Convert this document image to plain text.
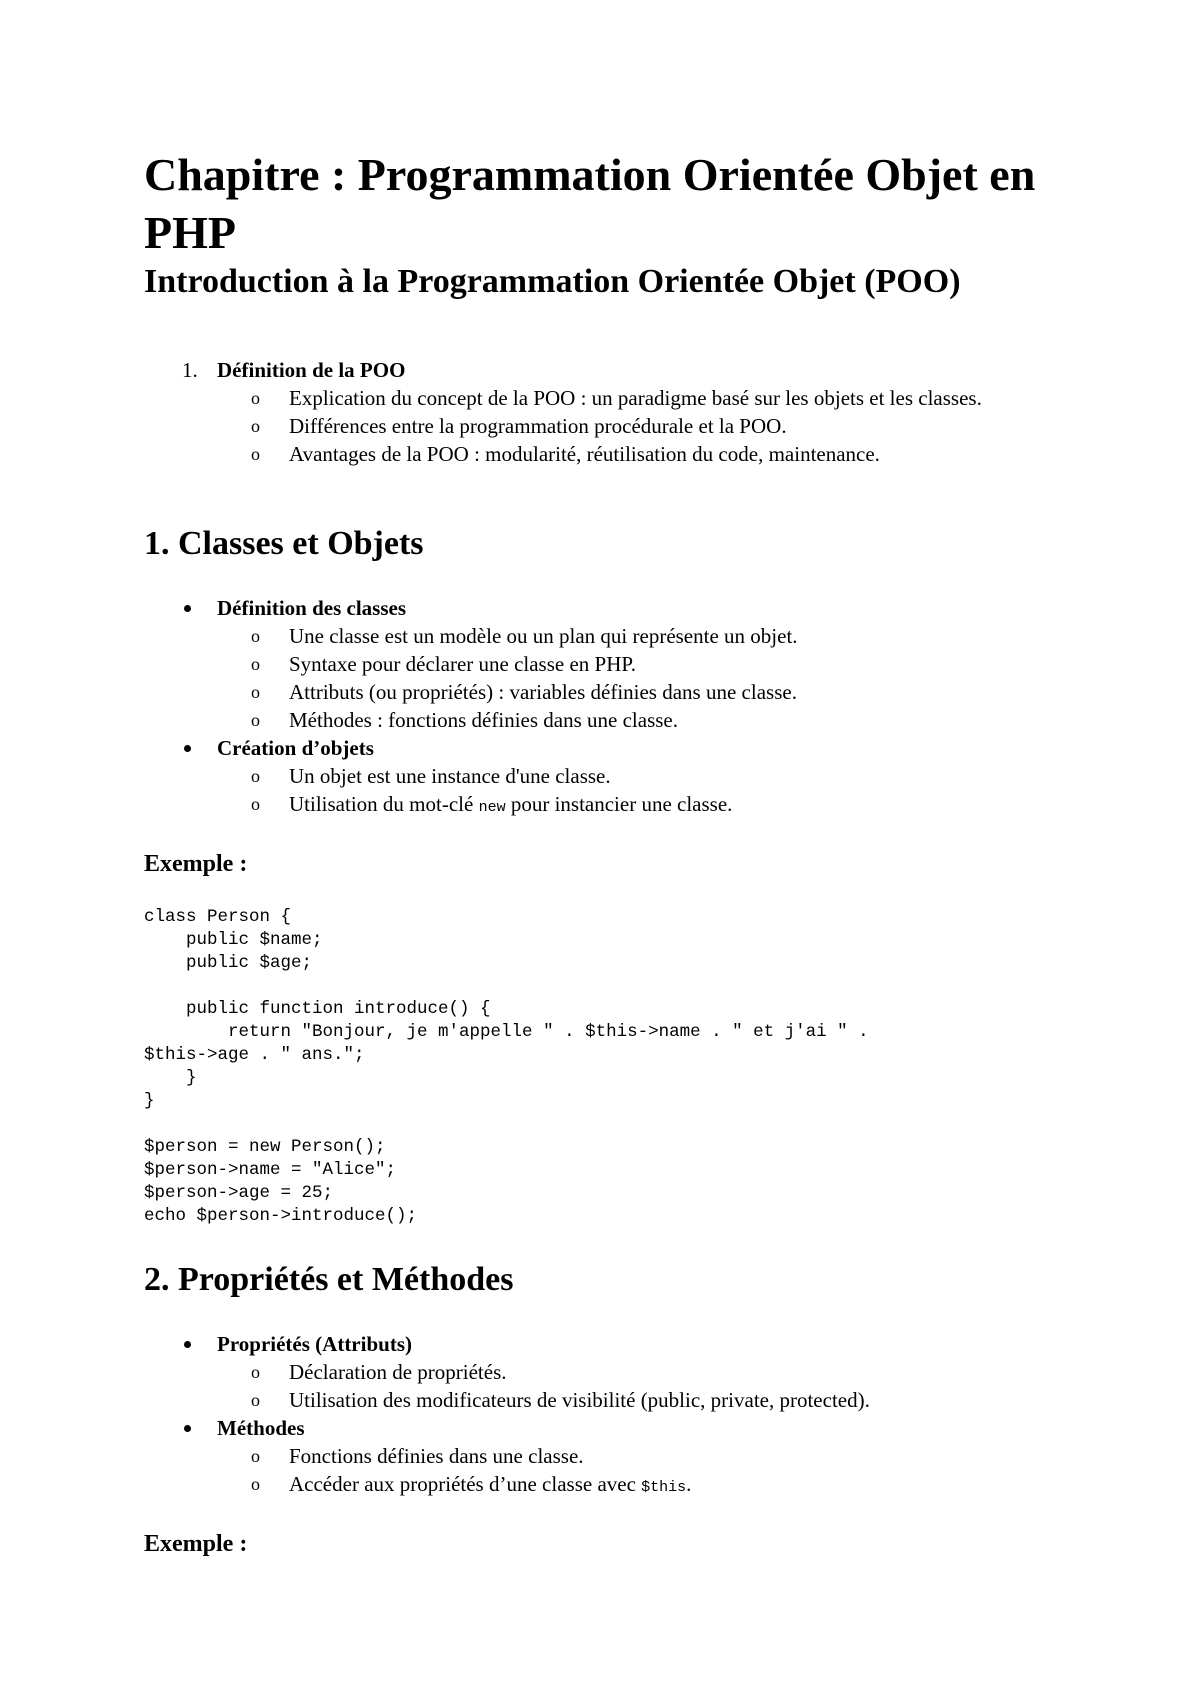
Chapitre : Programmation Orientée Objet en PHP
Introduction à la Programmation Orientée Objet (POO)
1. Définition de la POO
o Explication du concept de la POO : un paradigme basé sur les objets et les classes.
o Différences entre la programmation procédurale et la POO.
o Avantages de la POO : modularité, réutilisation du code, maintenance.
1. Classes et Objets
Définition des classes
o Une classe est un modèle ou un plan qui représente un objet.
o Syntaxe pour déclarer une classe en PHP.
o Attributs (ou propriétés) : variables définies dans une classe.
o Méthodes : fonctions définies dans une classe.
Création d’objets
o Un objet est une instance d'une classe.
o Utilisation du mot-clé new pour instancier une classe.
Exemple :
class Person {
public $name;
public $age;

public function introduce() {
return "Bonjour, je m'appelle " . $this->name . " et j'ai " .
$this->age . " ans.";
}
}

$person = new Person();
$person->name = "Alice";
$person->age = 25;
echo $person->introduce();
2. Propriétés et Méthodes
Propriétés (Attributs)
o Déclaration de propriétés.
o Utilisation des modificateurs de visibilité (public, private, protected).
Méthodes
o Fonctions définies dans une classe.
o Accéder aux propriétés d’une classe avec $this.
Exemple :
